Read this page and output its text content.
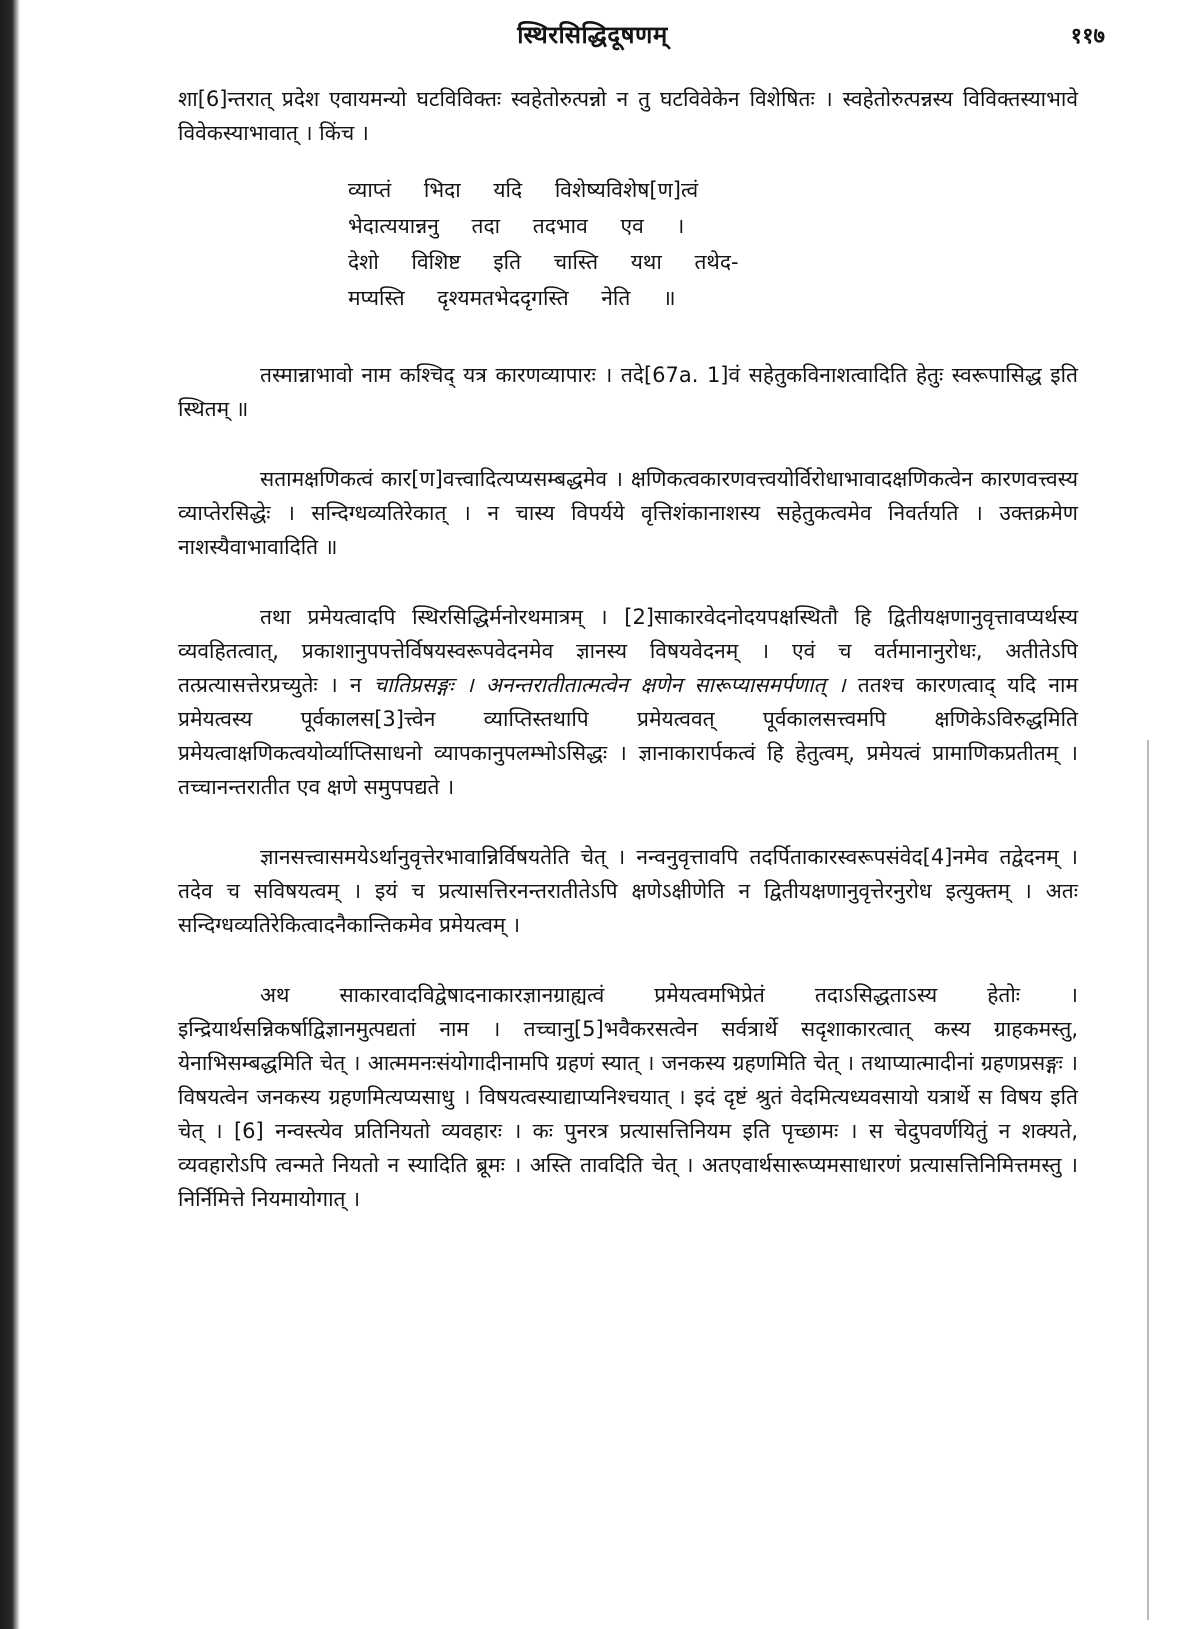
स्थिरसिद्धिदूषणम्	११७

शा[6]न्तरात् प्रदेश एवायमन्यो घटविविक्तः स्वहेतोरुत्पन्नो न तु घटविवेकेन विशेषितः । स्वहेतोरुत्पन्नस्य विविक्तस्याभावे विवेकस्याभावात् । किंच ।

व्याप्तं भिदा यदि विशेष्यविशेष[ण]त्वं
भेदात्ययान्ननु तदा तदभाव एव ।
देशो विशिष्ट इति चास्ति यथा तथेद-
मप्यस्ति दृश्यमतभेददृगस्ति नेति ॥

तस्मान्नाभावो नाम कश्चिद् यत्र कारणव्यापारः । तदे[67a. 1]वं सहेतुकविनाशत्वादिति हेतुः स्वरूपासिद्ध इति स्थितम् ॥

सतामक्षणिकत्वं कार[ण]वत्त्वादित्यप्यसम्बद्धमेव । क्षणिकत्वकारणवत्त्वयोर्विरोधाभावादक्षणिकत्वेन कारणवत्त्वस्य व्याप्तेरसिद्धेः । सन्दिग्धव्यतिरेकात् । न चास्य विपर्यये वृत्तिशंकानाशस्य सहेतुकत्वमेव निवर्तयति । उक्तक्रमेण नाशस्यैवाभावादिति ॥

तथा प्रमेयत्वादपि स्थिरसिद्धिर्मनोरथमात्रम् । [2]साकारवेदनोदयपक्षस्थितौ हि द्वितीयक्षणानुवृत्तावप्यर्थस्य व्यवहितत्वात्, प्रकाशानुपपत्तेर्विषयस्वरूपवेदनमेव ज्ञानस्य विषयवेदनम् । एवं च वर्तमानानुरोधः, अतीतेऽपि तत्प्रत्यासत्तेरप्रच्युतेः । न चातिप्रसङ्गः । अनन्तरातीतात्मत्वेन क्षणेन सारूप्यासमर्पणात् । ततश्च कारणत्वाद् यदि नाम प्रमेयत्वस्य पूर्वकालस[3]त्त्वेन व्याप्तिस्तथापि प्रमेयत्ववत् पूर्वकालसत्त्वमपि क्षणिकेऽविरुद्धमिति प्रमेयत्वाक्षणिकत्वयोर्व्याप्तिसाधनो व्यापकानुपलम्भोऽसिद्धः । ज्ञानाकारार्पकत्वं हि हेतुत्वम्, प्रमेयत्वं प्रामाणिकप्रतीतम् । तच्चानन्तरातीत एव क्षणे समुपपद्यते ।

ज्ञानसत्त्वासमयेऽर्थानुवृत्तेरभावान्निर्विषयतेति चेत् । नन्वनुवृत्तावपि तदर्पिताकारस्वरूपसंवेद[4]नमेव तद्वेदनम् । तदेव च सविषयत्वम् । इयं च प्रत्यासत्तिरनन्तरातीतेऽपि क्षणेऽक्षीणेति न द्वितीयक्षणानुवृत्तेरनुरोध इत्युक्तम् । अतः सन्दिग्धव्यतिरेकित्वादनैकान्तिकमेव प्रमेयत्वम् ।

अथ साकारवादविद्वेषादनाकारज्ञानग्राह्यत्वं प्रमेयत्वमभिप्रेतं तदाऽसिद्धताऽस्य हेतोः । इन्द्रियार्थसन्निकर्षाद्विज्ञानमुत्पद्यतां नाम । तच्चानु[5]भवैकरसत्वेन सर्वत्रार्थे सदृशाकारत्वात् कस्य ग्राहकमस्तु, येनाभिसम्बद्धमिति चेत् । आत्ममनःसंयोगादीनामपि ग्रहणं स्यात् । जनकस्य ग्रहणमिति चेत् । तथाप्यात्मादीनां ग्रहणप्रसङ्गः । विषयत्वेन जनकस्य ग्रहणमित्यप्यसाधु । विषयत्वस्याद्याप्यनिश्चयात् । इदं दृष्टं श्रुतं वेदमित्यध्यवसायो यत्रार्थे स विषय इति चेत् । [6] नन्वस्त्येव प्रतिनियतो व्यवहारः । कः पुनरत्र प्रत्यासत्तिनियम इति पृच्छामः । स चेदुपवर्णयितुं न शक्यते, व्यवहारोऽपि त्वन्मते नियतो न स्यादिति ब्रूमः । अस्ति तावदिति चेत् । अतएवार्थसारूप्यमसाधारणं प्रत्यासत्तिनिमित्तमस्तु । निर्निमित्ते नियमायोगात् ।
